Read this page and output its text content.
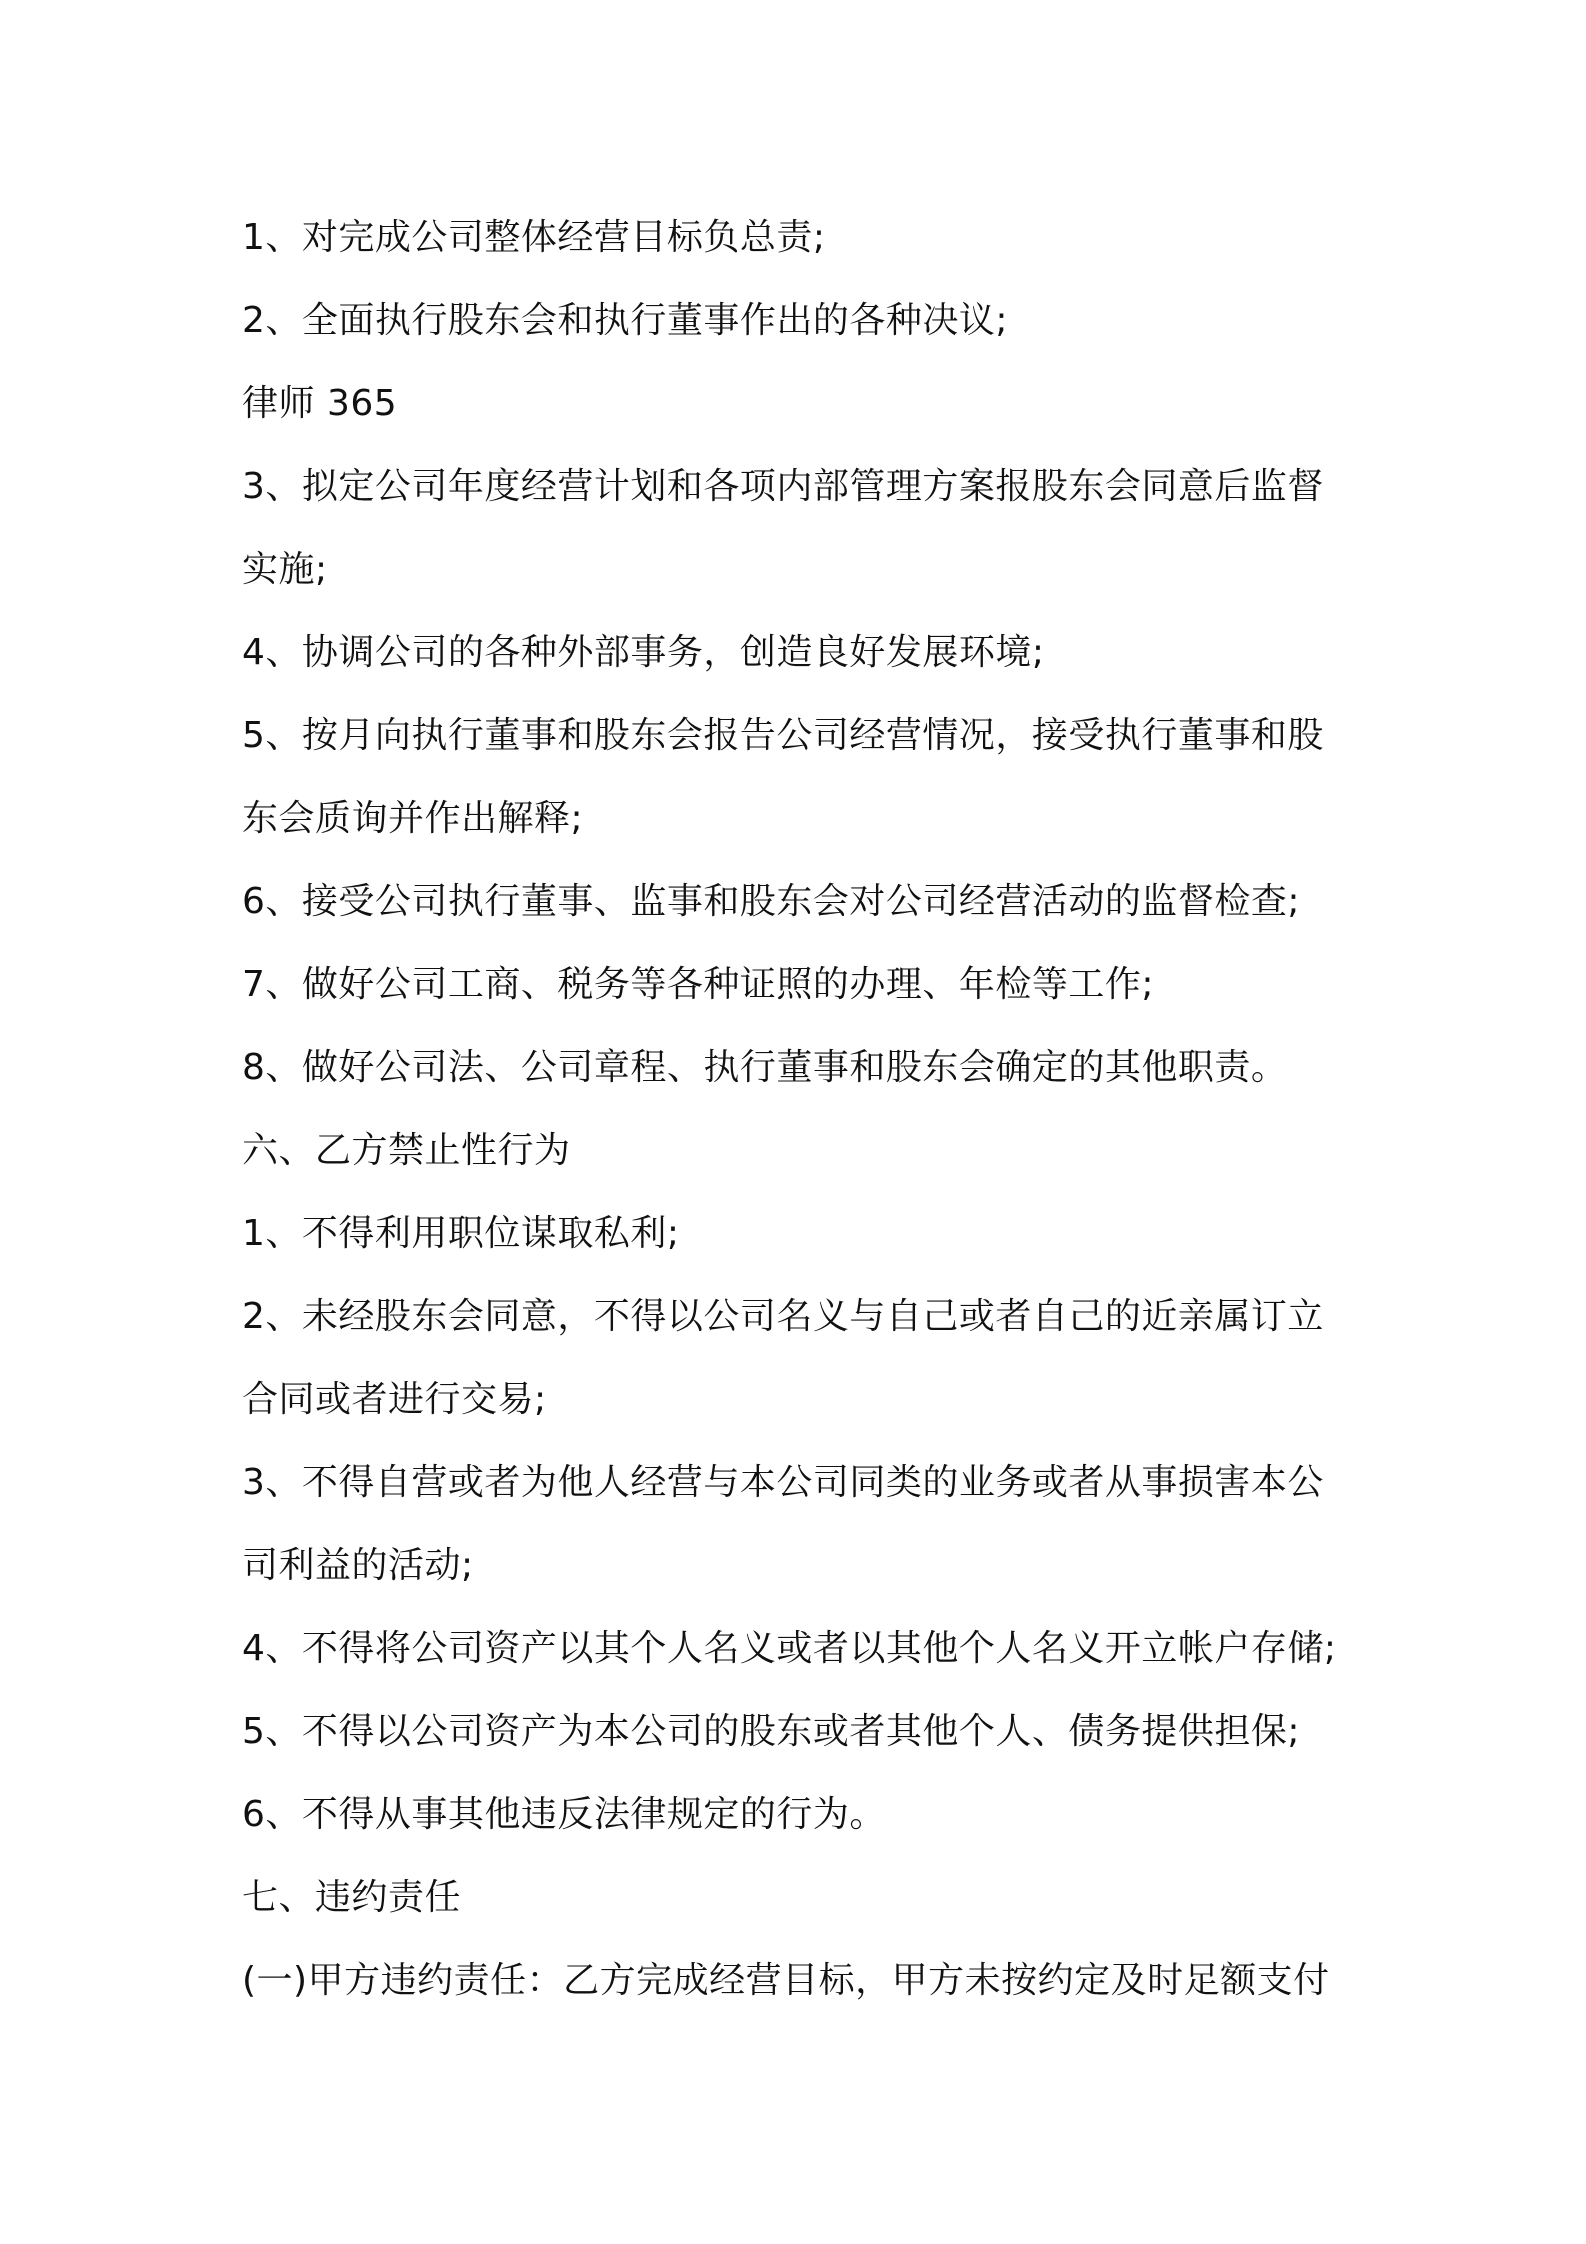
1、对完成公司整体经营目标负总责;
2、全面执行股东会和执行董事作出的各种决议;
律师 365
3、拟定公司年度经营计划和各项内部管理方案报股东会同意后监督
实施;
4、协调公司的各种外部事务，创造良好发展环境;
5、按月向执行董事和股东会报告公司经营情况，接受执行董事和股
东会质询并作出解释;
6、接受公司执行董事、监事和股东会对公司经营活动的监督检查;
7、做好公司工商、税务等各种证照的办理、年检等工作;
8、做好公司法、公司章程、执行董事和股东会确定的其他职责。
六、乙方禁止性行为
1、不得利用职位谋取私利;
2、未经股东会同意，不得以公司名义与自己或者自己的近亲属订立
合同或者进行交易;
3、不得自营或者为他人经营与本公司同类的业务或者从事损害本公
司利益的活动;
4、不得将公司资产以其个人名义或者以其他个人名义开立帐户存储;
5、不得以公司资产为本公司的股东或者其他个人、债务提供担保;
6、不得从事其他违反法律规定的行为。
七、违约责任
(一)甲方违约责任：乙方完成经营目标，甲方未按约定及时足额支付
